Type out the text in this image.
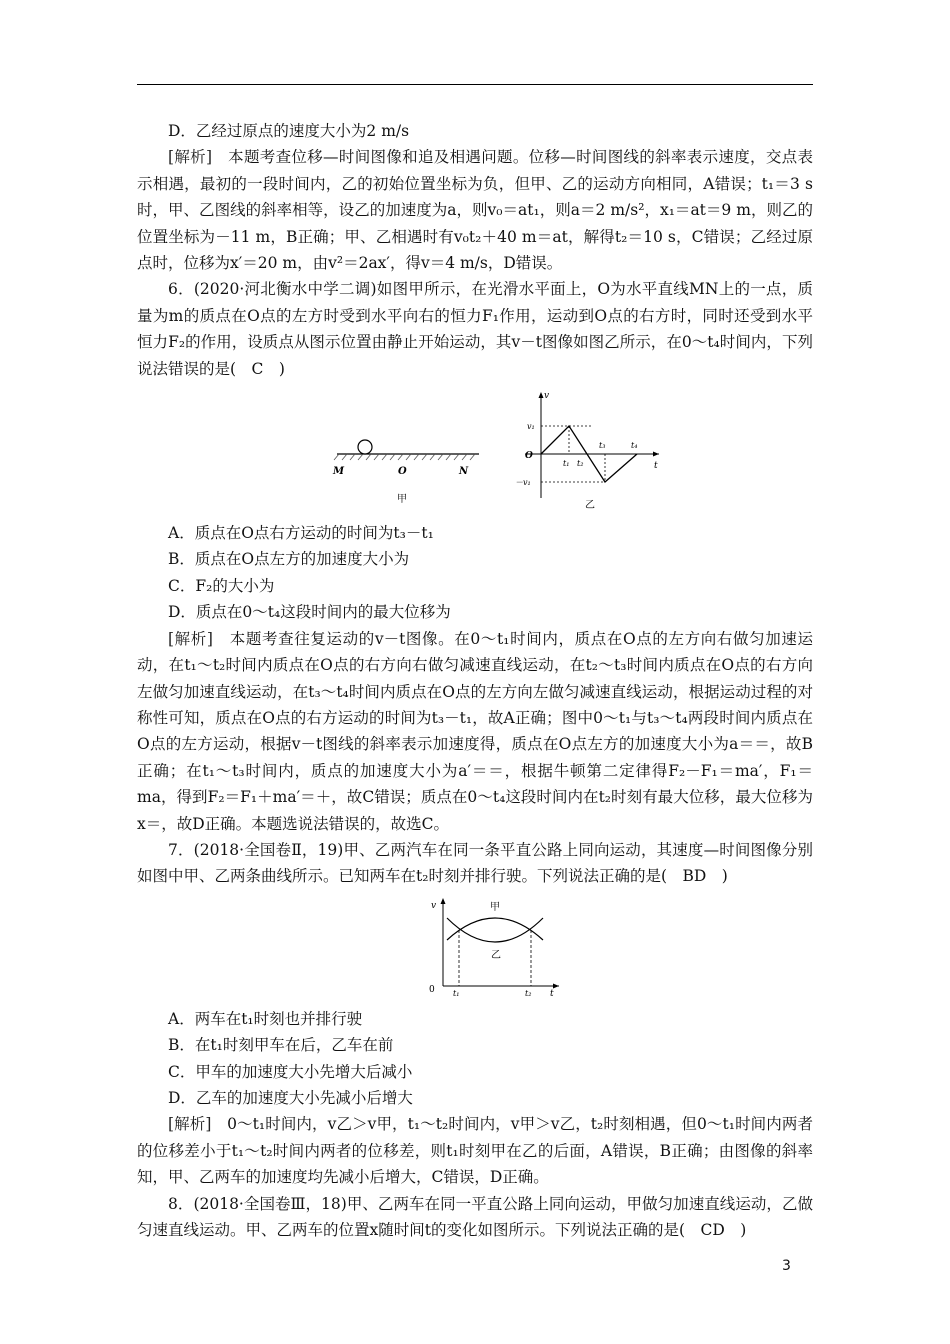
D．乙经过原点的速度大小为2 m/s

[解析]　本题考查位移—时间图像和追及相遇问题。位移—时间图线的斜率表示速度，交点表示相遇，最初的一段时间内，乙的初始位置坐标为负，但甲、乙的运动方向相同，A错误；t₁＝3 s时，甲、乙图线的斜率相等，设乙的加速度为a，则v₀＝at₁，则a＝2 m/s²，x₁＝at＝9 m，则乙的位置坐标为－11 m，B正确；甲、乙相遇时有v₀t₂＋40 m＝at，解得t₂＝10 s，C错误；乙经过原点时，位移为x′＝20 m，由v²＝2ax′，得v＝4 m/s，D错误。

6．(2020·河北衡水中学二调)如图甲所示，在光滑水平面上，O为水平直线MN上的一点，质量为m的质点在O点的左方时受到水平向右的恒力F₁作用，运动到O点的右方时，同时还受到水平恒力F₂的作用，设质点从图示位置由静止开始运动，其v－t图像如图乙所示，在0～t₄时间内，下列说法错误的是(　C　)

M	O	N
甲
v
v₁
－v₁
O
t
t₁ t₂
t₃	t₄
乙

A．质点在O点右方运动的时间为t₃－t₁

B．质点在O点左方的加速度大小为

C．F₂的大小为

D．质点在0～t₄这段时间内的最大位移为

[解析]　本题考查往复运动的v－t图像。在0～t₁时间内，质点在O点的左方向右做匀加速运动，在t₁～t₂时间内质点在O点的右方向右做匀减速直线运动，在t₂～t₃时间内质点在O点的右方向左做匀加速直线运动，在t₃～t₄时间内质点在O点的左方向左做匀减速直线运动，根据运动过程的对称性可知，质点在O点的右方运动的时间为t₃－t₁，故A正确；图中0～t₁与t₃～t₄两段时间内质点在O点的左方运动，根据v－t图线的斜率表示加速度得，质点在O点左方的加速度大小为a＝＝，故B正确；在t₁～t₃时间内，质点的加速度大小为a′＝＝，根据牛顿第二定律得F₂－F₁＝ma′，F₁＝ma，得到F₂＝F₁＋ma′＝＋，故C错误；质点在0～t₄这段时间内在t₂时刻有最大位移，最大位移为x＝，故D正确。本题选说法错误的，故选C。

7．(2018·全国卷Ⅱ，19)甲、乙两汽车在同一条平直公路上同向运动，其速度—时间图像分别如图中甲、乙两条曲线所示。已知两车在t₂时刻并排行驶。下列说法正确的是(　BD　)

甲
乙
v
0 t₁	t₂ t

A．两车在t₁时刻也并排行驶

B．在t₁时刻甲车在后，乙车在前

C．甲车的加速度大小先增大后减小

D．乙车的加速度大小先减小后增大

[解析]　0～t₁时间内，v乙＞v甲，t₁～t₂时间内，v甲＞v乙，t₂时刻相遇，但0～t₁时间内两者的位移差小于t₁～t₂时间内两者的位移差，则t₁时刻甲在乙的后面，A错误，B正确；由图像的斜率知，甲、乙两车的加速度均先减小后增大，C错误，D正确。

8．(2018·全国卷Ⅲ，18)甲、乙两车在同一平直公路上同向运动，甲做匀加速直线运动，乙做匀速直线运动。甲、乙两车的位置x随时间t的变化如图所示。下列说法正确的是(　CD　)

3
